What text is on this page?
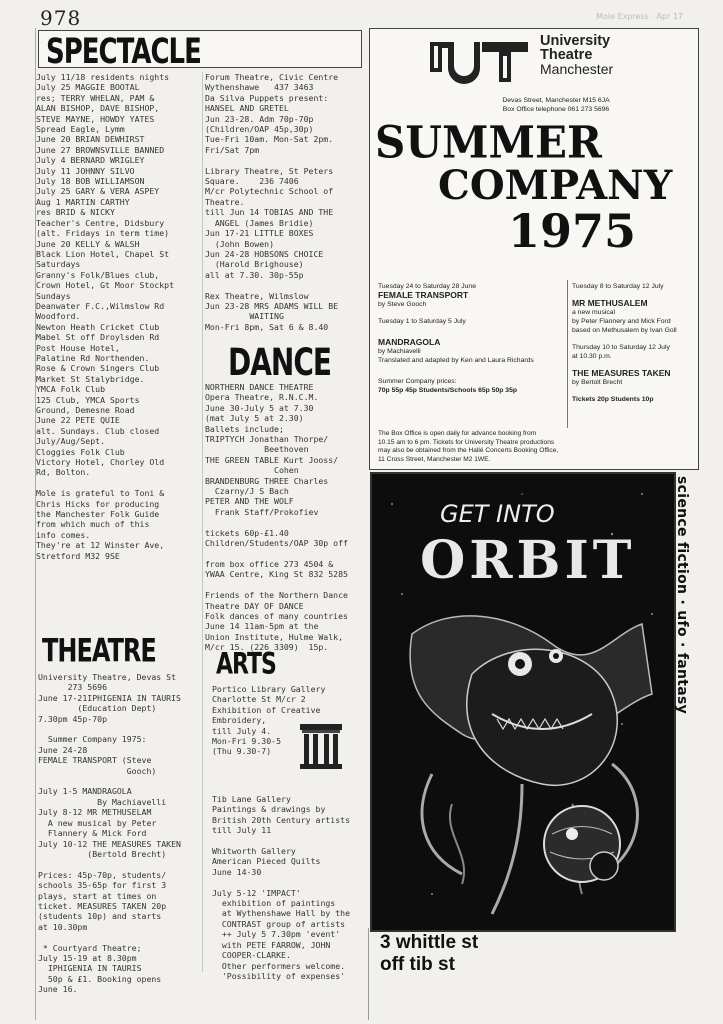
978	Mole Express · Apr 17
SPECTACLE
July 11/18 residents nights
July 25 MAGGIE BOOTAL
res; TERRY WHELAN, PAM &
ALAN BISHOP, DAVE BISHOP,
STEVE MAYNE, HOWDY YATES
Spread Eagle, Lymm
June 20 BRIAN DEWHIRST
June 27 BROWNSVILLE BANNED
July 4 BERNARD WRIGLEY
July 11 JOHNNY SILVO
July 18 BOB WILLIAMSON
July 25 GARY & VERA ASPEY
Aug 1 MARTIN CARTHY
res BRID & NICKY
Teacher's Centre, Didsbury
(alt. Fridays in term time)
June 20 KELLY & WALSH
Black Lion Hotel, Chapel St
Saturdays
Granny's Folk/Blues club,
Crown Hotel, Gt Moor Stockpt
Sundays
Deanwater F.C.,Wilmslow Rd
Woodford.
Newton Heath Cricket Club
Mabel St off Droylsden Rd
Post House Hotel,
Palatine Rd Northenden.
Rose & Crown Singers Club
Market St Stalybridge.
YMCA Folk Club
125 Club, YMCA Sports
Ground, Demesne Road
June 22 PETE QUIE
alt. Sundays. Club closed
July/Aug/Sept.
Cloggies Folk Club
Victory Hotel, Chorley Old
Rd, Bolton.

Mole is grateful to Toni &
Chris Hicks for producing
the Manchester Folk Guide
from which much of this
info comes.
They're at 12 Winster Ave,
Stretford M32 9SE
Forum Theatre, Civic Centre
Wythenshawe   437 3463
Da Silva Puppets present:
HANSEL AND GRETEL
Jun 23-28. Adm 70p-70p
(Children/OAP 45p,30p)
Tue-Fri 10am. Mon-Sat 2pm.
Fri/Sat 7pm

Library Theatre, St Peters
Square.    236 7406
M/cr Polytechnic School of
Theatre.
till Jun 14 TOBIAS AND THE
ANGEL (James Bridie)
Jun 17-21 LITTLE BOXES
(John Bowen)
Jun 24-28 HOBSONS CHOICE
(Harold Brighouse)
all at 7.30. 30p-55p

Rex Theatre, Wilmslow
Jun 23-28 MRS ADAMS WILL BE
WAITING
Mon-Fri 8pm, Sat 6 & 8.40
DANCE
NORTHERN DANCE THEATRE
Opera Theatre, R.N.C.M.
June 30-July 5 at 7.30
(mat July 5 at 2.30)
Ballets include;
TRIPTYCH Jonathan Thorpe/
Beethoven
THE GREEN TABLE Kurt Jooss/
Cohen
BRANDENBURG THREE Charles
Czarny/J S Bach
PETER AND THE WOLF
Frank Staff/Prokofiev

tickets 60p-£1.40
Children/Students/OAP 30p off

from box office 273 4504 &
YWAA Centre, King St 832 5285

Friends of the Northern Dance
Theatre DAY OF DANCE
Folk dances of many countries
June 14 11am-5pm at the
Union Institute, Hulme Walk,
M/cr 15. (226 3309)  15p.
THEATRE
University Theatre, Devas St
273 5696
June 17-21IPHIGENIA IN TAURIS
(Education Dept)
7.30pm 45p-70p

Summer Company 1975:
June 24-28
FEMALE TRANSPORT (Steve
Gooch)

July 1-5 MANDRAGOLA
By Machiavelli
July 8-12 MR METHUSELAM
A new musical by Peter
Flannery & Mick Ford
July 10-12 THE MEASURES TAKEN
(Bertold Brecht)

Prices: 45p-70p, students/
schools 35-65p for first 3
plays, start at times on
ticket. MEASURES TAKEN 20p
(students 10p) and starts
at 10.30pm

* Courtyard Theatre;
July 15-19 at 8.30pm
IPHIGENIA IN TAURIS
50p & £1. Booking opens
June 16.
ARTS
Portico Library Gallery
Charlotte St M/cr 2
Exhibition of Creative
Embroidery,
till July 4.
Mon-Fri 9.30-5
(Thu 9.30-7)
Tib Lane Gallery
Paintings & drawings by
British 20th Century artists
till July 11

Whitworth Gallery
American Pieced Quilts
June 14-30

July 5-12 'IMPACT'
exhibition of paintings
at Wythenshawe Hall by the
CONTRAST group of artists
++ July 5 7.30pm 'event'
with PETE FARROW, JOHN
COOPER-CLARKE.
Other performers welcome.
'Possibility of expenses'
University
Theatre
Manchester
Devas Street, Manchester M15 6JA
Box Office telephone 061 273 5696
SUMMER
COMPANY
1975
Tuesday 24 to Saturday 28 June
FEMALE TRANSPORT
by Steve Gooch
Tuesday 1 to Saturday 5 July
MANDRAGOLA
by Machiavelli
Translated and adapted by Ken and Laura Richards
Summer Company prices:
70p 55p 45p Students/Schools 65p 50p 35p
Tuesday 8 to Saturday 12 July
MR METHUSALEM
a new musical
by Peter Flannery and Mick Ford
based on Methusalem by Ivan Goll
Thursday 10 to Saturday 12 July
at 10.30 p.m.
THE MEASURES TAKEN
by Bertolt Brecht
Tickets 20p Students 10p
The Box Office is open daily for advance booking from
10.15 am to 6 pm. Tickets for University Theatre productions
may also be obtained from the Hallé Concerts Booking Office,
11 Cross Street, Manchester M2 1WE.
GET INTO
ORBIT	science fiction · ufo · fantasy
3 whittle st
off tib st
